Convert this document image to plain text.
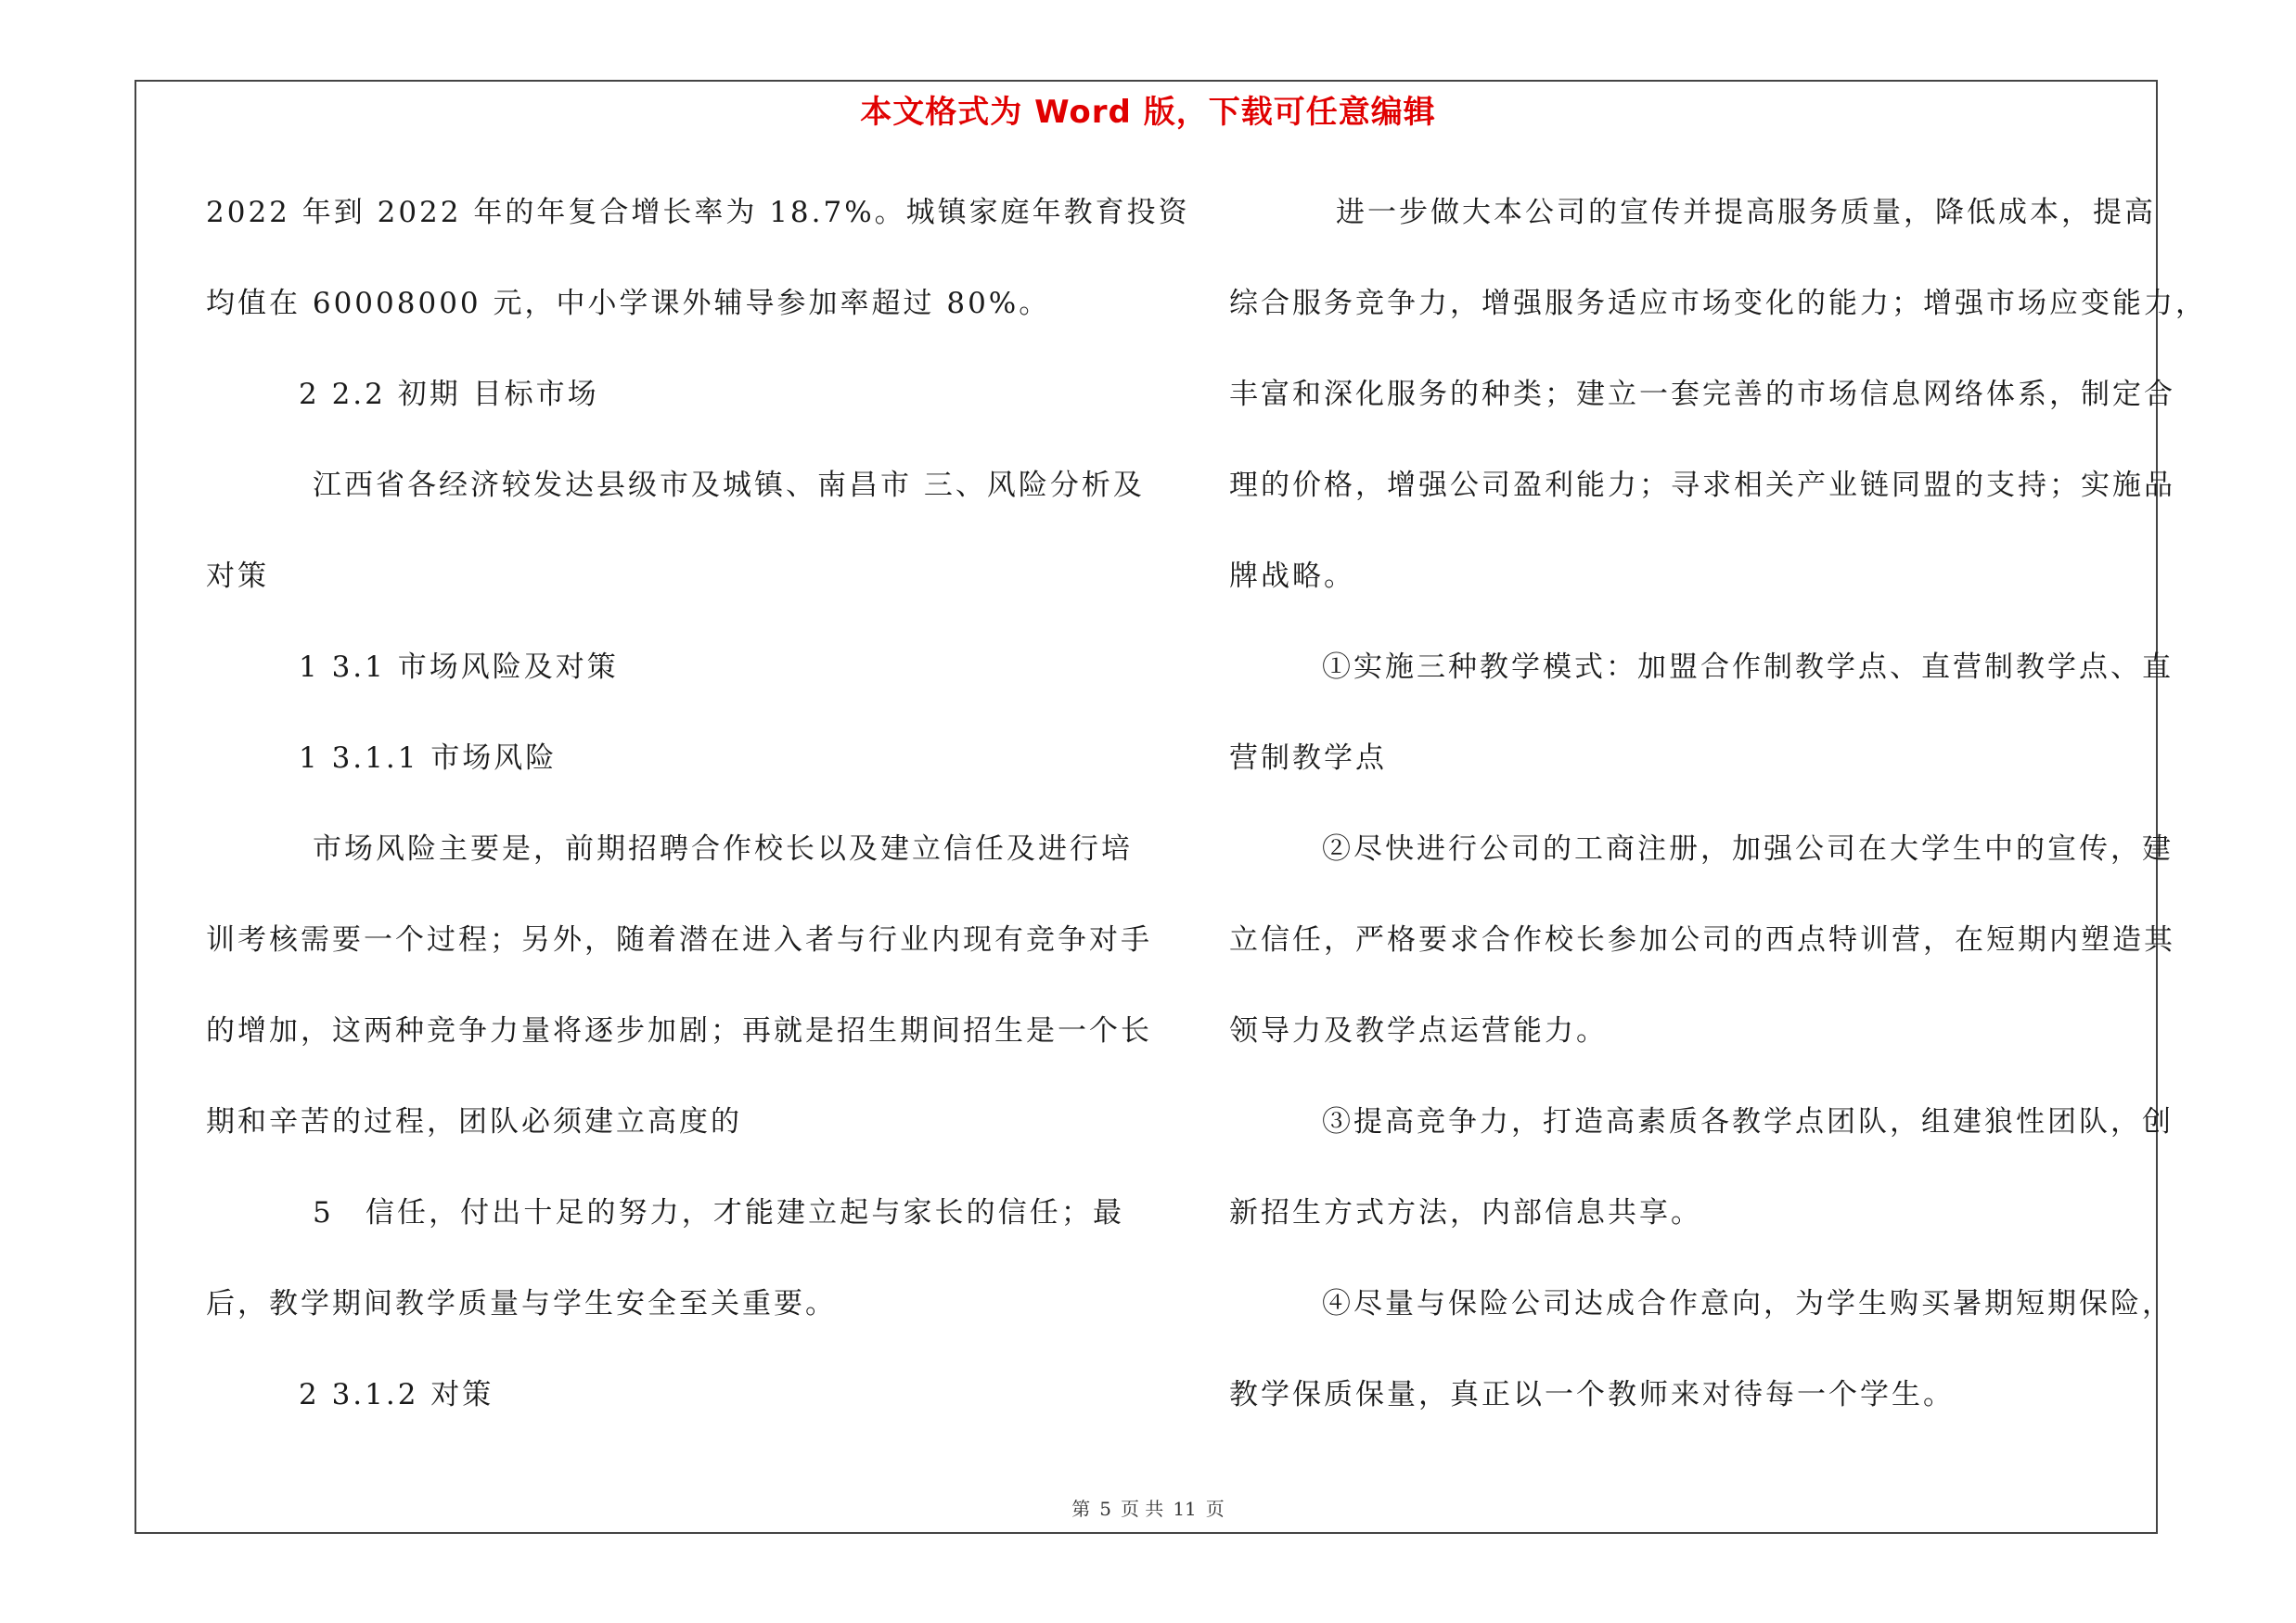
本文格式为 Word 版，下载可任意编辑
2022 年到 2022 年的年复合增长率为 18.7%。城镇家庭年教育投资
均值在 60008000 元，中小学课外辅导参加率超过 80%。
2 2.2 初期 目标市场
江西省各经济较发达县级市及城镇、南昌市 三、风险分析及
对策
1 3.1 市场风险及对策
1 3.1.1 市场风险
市场风险主要是，前期招聘合作校长以及建立信任及进行培
训考核需要一个过程；另外，随着潜在进入者与行业内现有竞争对手
的增加，这两种竞争力量将逐步加剧；再就是招生期间招生是一个长
期和辛苦的过程，团队必须建立高度的
5　信任，付出十足的努力，才能建立起与家长的信任；最
后，教学期间教学质量与学生安全至关重要。
2 3.1.2 对策
进一步做大本公司的宣传并提高服务质量，降低成本，提高
综合服务竞争力，增强服务适应市场变化的能力；增强市场应变能力，
丰富和深化服务的种类；建立一套完善的市场信息网络体系，制定合
理的价格，增强公司盈利能力；寻求相关产业链同盟的支持；实施品
牌战略。
①实施三种教学模式：加盟合作制教学点、直营制教学点、直
营制教学点
②尽快进行公司的工商注册，加强公司在大学生中的宣传，建
立信任，严格要求合作校长参加公司的西点特训营，在短期内塑造其
领导力及教学点运营能力。
③提高竞争力，打造高素质各教学点团队，组建狼性团队，创
新招生方式方法，内部信息共享。
④尽量与保险公司达成合作意向，为学生购买暑期短期保险，
教学保质保量，真正以一个教师来对待每一个学生。
第 5 页 共 11 页
